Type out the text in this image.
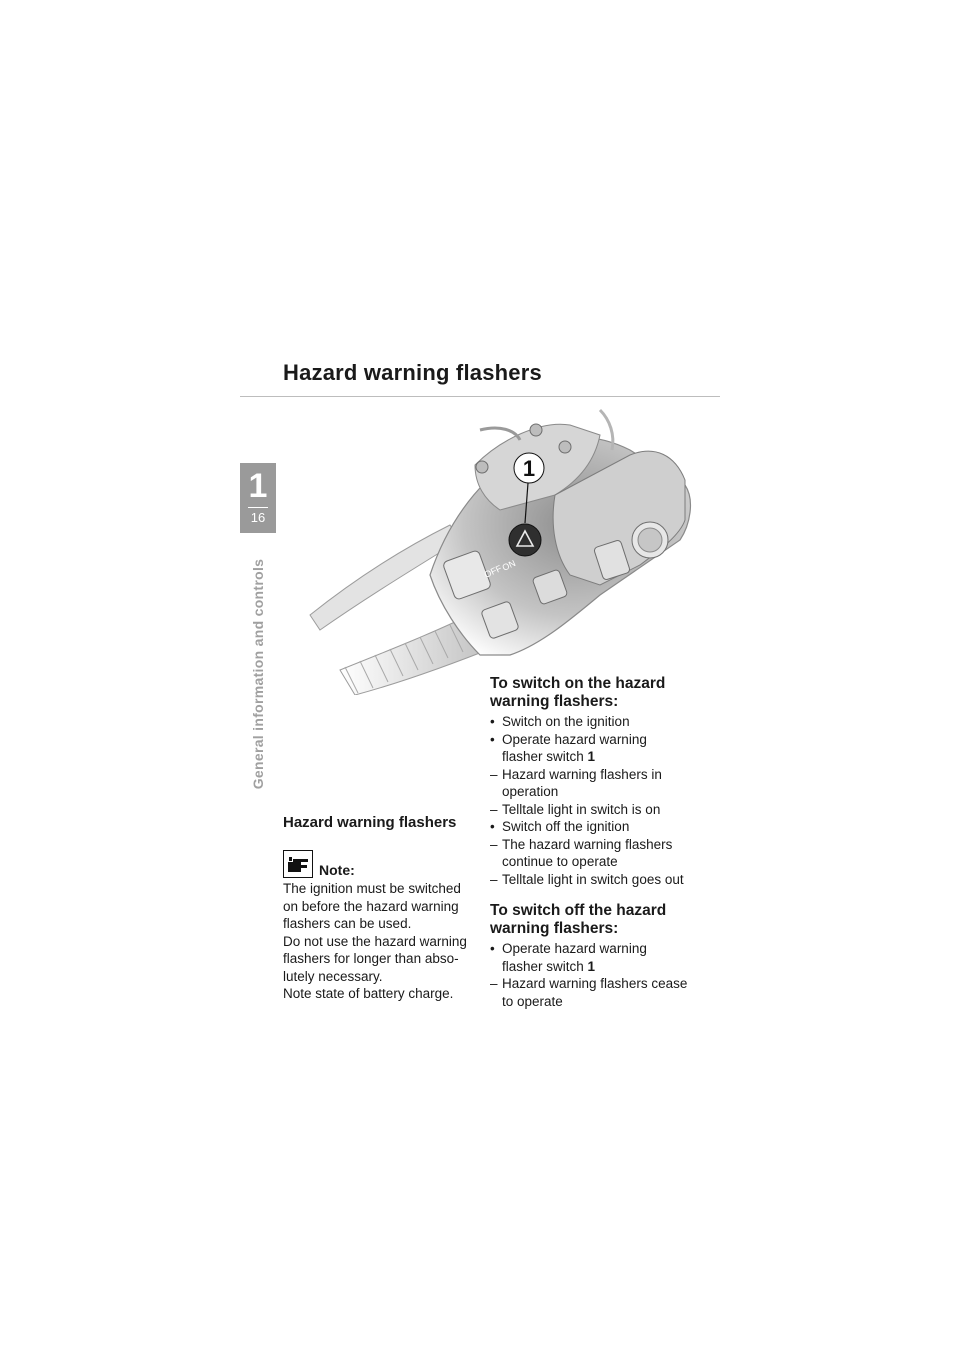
Hazard warning flashers
1
16
General information and controls	OFF
ON
1
Hazard warning flashers
Note:
The ignition must be switched
on before the hazard warning
flashers can be used.
Do not use the hazard warning
flashers for longer than abso-
lutely necessary.
Note state of battery charge.
To switch on the hazard
warning flashers:
• Switch on the ignition
• Operate hazard warning
flasher switch 1
– Hazard warning flashers in
operation
– Telltale light in switch is on
• Switch off the ignition
– The hazard warning flashers
continue to operate
– Telltale light in switch goes out
To switch off the hazard
warning flashers:
• Operate hazard warning
flasher switch 1
– Hazard warning flashers cease
to operate
